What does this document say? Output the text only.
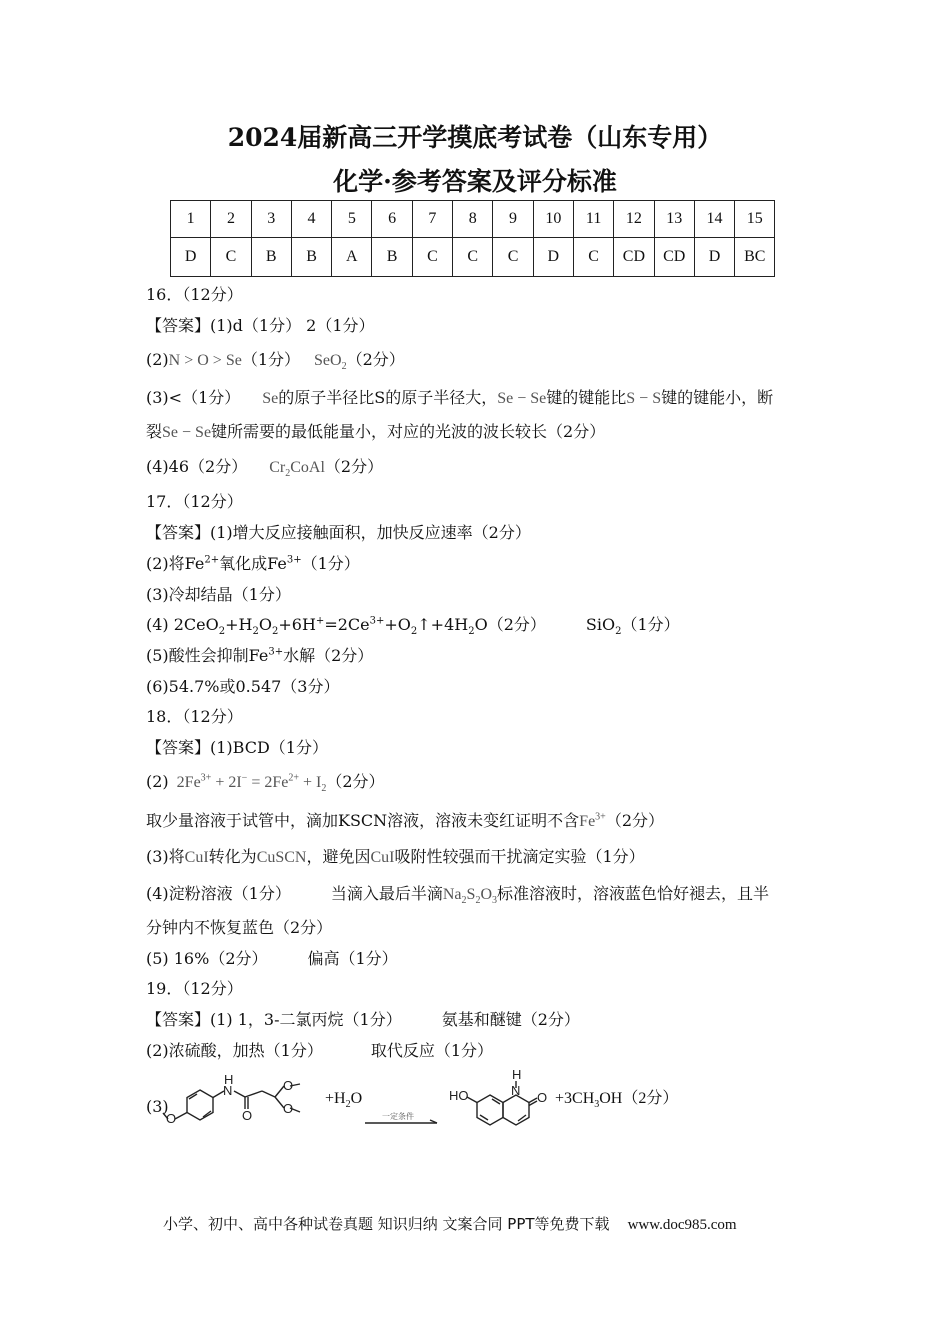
2024届新高三开学摸底考试卷（山东专用）
化学·参考答案及评分标准
1	2	3	4	5	6	7	8	9	10	11	12	13	14	15
D	C	B	B	A	B	C	C	C	D	C	CD	CD	D	BC
16．（12分）
【答案】(1)d（1分） 2（1分）
(2)N > O > Se（1分） SeO$_2$（2分）
(3)<（1分） Se的原子半径比S的原子半径大，Se − Se键的键能比S − S键的键能小，断
裂Se − Se键所需要的最低能量小，对应的光波的波长较长（2分）
(4)46（2分） $Cr_2CoAl(2$分）
17．（12分）
【答案】(1)增大反应接触面积，加快反应速率（2分）
(2)将$Fe^{2+}$氧化成$Fe^{3+}(1$分）
(3)冷却结晶（1分）
(4) $2CeO_2+H_2O_2+6H^+=2Ce^{3+}+O_2↑+4H_2O(2$分）	SiO$_2$（1分）
(5)酸性会抑制$Fe^{3+}$水解（2分）
(6)54.7%或0.547（3分）
18．（12分）
【答案】(1)BCD（1分）
(2) $2Fe^{3+} + 2I^- = 2Fe^{2+} + I_2(2$分）
取少量溶液于试管中，滴加KSCN溶液，溶液未变红证明不含$Fe^{3+}(2$分）
(3)将CuI转化为CuSCN，避免因CuI吸附性较强而干扰滴定实验（1分）
(4)淀粉溶液（1分）	当滴入最后半滴$Na_2S_2O_3$标准溶液时，溶液蓝色恰好褪去，且半
分钟内不恢复蓝色（2分）
(5) 16%（2分）	偏高（1分）
19．（12分）
【答案】(1) 1，3-二氯丙烷（1分）	氨基和醚键（2分）
(2)浓硫酸，加热（1分）	取代反应（1分）
(3)
N
H
O
O
O
O
HO	N
H
O
一定条件
$+H_2O$	$+3CH_3OH(2$分）
小学、初中、高中各种试卷真题 知识归纳 文案合同 PPT等免费下载 www.doc985.com
